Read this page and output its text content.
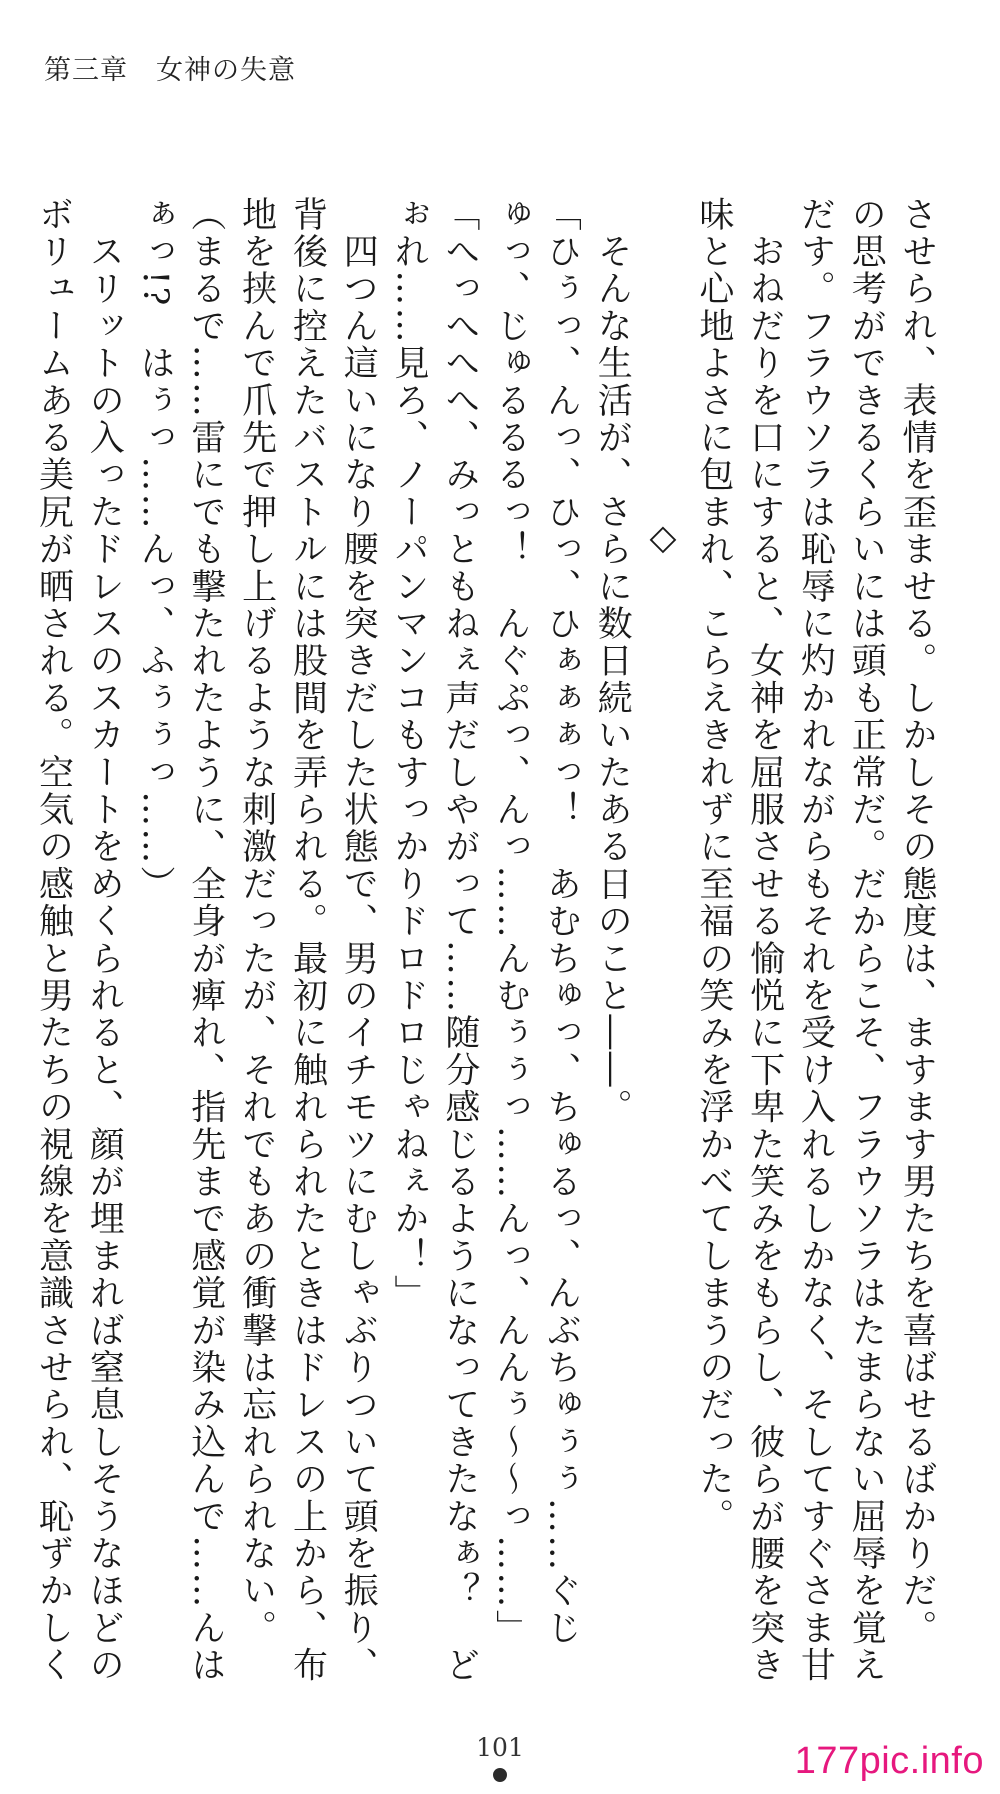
第三章　女神の失意
させられ、表情を歪ませる。しかしその態度は、ますます男たちを喜ばせるばかりだ。
の思考ができるくらいには頭も正常だ。だからこそ、フラウソラはたまらない屈辱を覚え
だす。フラウソラは恥辱に灼かれながらもそれを受け入れるしかなく、そしてすぐさま甘
　おねだりを口にすると、女神を屈服させる愉悦に下卑た笑みをもらし、彼らが腰を突き
味と心地よさに包まれ、こらえきれずに至福の笑みを浮かべてしまうのだった。
◇
　そんな生活が、さらに数日続いたある日のこと――。
「ひぅっ、んっ、ひっ、ひぁぁぁっ！　あむちゅっ、ちゅるっ、んぶちゅぅぅ……ぐじ
ゅっ、じゅるるるっ！　んぐぷっ、んっ……んむぅぅっ……んっ、んんぅ～～っ……」
「へっへへへ、みっともねぇ声だしやがって……随分感じるようになってきたなぁ？　ど
ぉれ……見ろ、ノーパンマンコもすっかりドロドロじゃねぇか！」
　四つん這いになり腰を突きだした状態で、男のイチモツにむしゃぶりついて頭を振り、
背後に控えたバストルには股間を弄られる。最初に触れられたときはドレスの上から、布
地を挟んで爪先で押し上げるような刺激だったが、それでもあの衝撃は忘れられない。
（まるで……雷にでも撃たれたように、全身が痺れ、指先まで感覚が染み込んで……んは
ぁっ!?　はぅっ……んっ、ふぅぅっ……）
　スリットの入ったドレスのスカートをめくられると、顔が埋まれば窒息しそうなほどの
ボリュームある美尻が晒される。空気の感触と男たちの視線を意識させられ、恥ずかしく
101	177pic.info
